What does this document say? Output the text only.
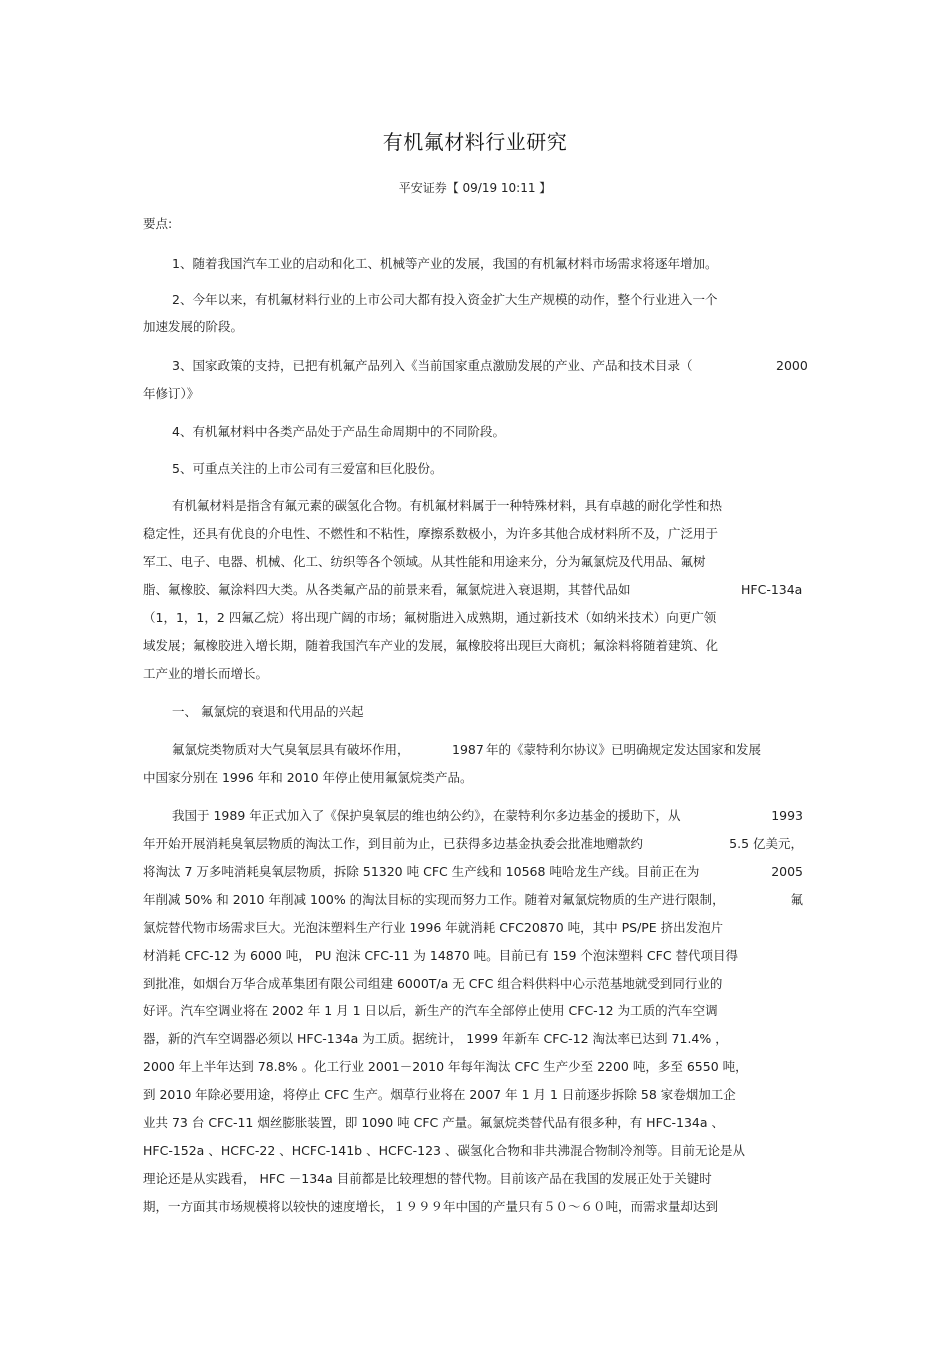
有机氟材料行业研究
平安证券【 09/19 10:11 】
要点:
1、随着我国汽车工业的启动和化工、机械等产业的发展，我国的有机氟材料市场需求将逐年增加。
2、今年以来，有机氟材料行业的上市公司大都有投入资金扩大生产规模的动作，整个行业进入一个
加速发展的阶段。
3、国家政策的支持，已把有机氟产品列入《当前国家重点激励发展的产业、产品和技术目录（	2000
年修订）》
4、有机氟材料中各类产品处于产品生命周期中的不同阶段。
5、可重点关注的上市公司有三爱富和巨化股份。
有机氟材料是指含有氟元素的碳氢化合物。有机氟材料属于一种特殊材料，具有卓越的耐化学性和热
稳定性，还具有优良的介电性、不燃性和不粘性，摩擦系数极小，为许多其他合成材料所不及，广泛用于
军工、电子、电器、机械、化工、纺织等各个领域。从其性能和用途来分，分为氟氯烷及代用品、氟树
脂、氟橡胶、氟涂料四大类。从各类氟产品的前景来看，氟氯烷进入衰退期，其替代品如	HFC-134a
（1，1，1，2 四氟乙烷）将出现广阔的市场；氟树脂进入成熟期，通过新技术（如纳米技术）向更广领
域发展；氟橡胶进入增长期，随着我国汽车产业的发展，氟橡胶将出现巨大商机；氟涂料将随着建筑、化
工产业的增长而增长。
一、 氟氯烷的衰退和代用品的兴起
氟氯烷类物质对大气臭氧层具有破坏作用，	1987 年的《蒙特利尔协议》已明确规定发达国家和发展
中国家分别在 1996 年和 2010 年停止使用氟氯烷类产品。
我国于 1989 年正式加入了《保护臭氧层的维也纳公约》，在蒙特利尔多边基金的援助下，从	1993
年开始开展消耗臭氧层物质的淘汰工作，到目前为止，已获得多边基金执委会批准地赠款约	5.5 亿美元，
将淘汰 7 万多吨消耗臭氧层物质，拆除 51320 吨 CFC 生产线和 10568 吨哈龙生产线。目前正在为	2005
年削减 50% 和 2010 年削减 100% 的淘汰目标的实现而努力工作。随着对氟氯烷物质的生产进行限制，	氟
氯烷替代物市场需求巨大。光泡沫塑料生产行业 1996 年就消耗 CFC20870 吨，其中 PS/PE 挤出发泡片
材消耗 CFC-12 为 6000 吨， PU 泡沫 CFC-11 为 14870 吨。目前已有 159 个泡沫塑料 CFC 替代项目得
到批准，如烟台万华合成革集团有限公司组建 6000T/a 无 CFC 组合料供料中心示范基地就受到同行业的
好评。汽车空调业将在 2002 年 1 月 1 日以后，新生产的汽车全部停止使用 CFC-12 为工质的汽车空调
器，新的汽车空调器必须以 HFC-134a 为工质。据统计， 1999 年新车 CFC-12 淘汰率已达到 71.4% ，
2000 年上半年达到 78.8% 。化工行业 2001－2010 年每年淘汰 CFC 生产少至 2200 吨，多至 6550 吨，
到 2010 年除必要用途，将停止 CFC 生产。烟草行业将在 2007 年 1 月 1 日前逐步拆除 58 家卷烟加工企
业共 73 台 CFC-11 烟丝膨胀装置，即 1090 吨 CFC 产量。氟氯烷类替代品有很多种，有 HFC-134a 、
HFC-152a 、HCFC-22 、HCFC-141b 、HCFC-123 、碳氢化合物和非共沸混合物制冷剂等。目前无论是从
理论还是从实践看， HFC －134a 目前都是比较理想的替代物。目前该产品在我国的发展正处于关键时
期，一方面其市场规模将以较快的速度增长，１９９９年中国的产量只有５０～６０吨，而需求量却达到
